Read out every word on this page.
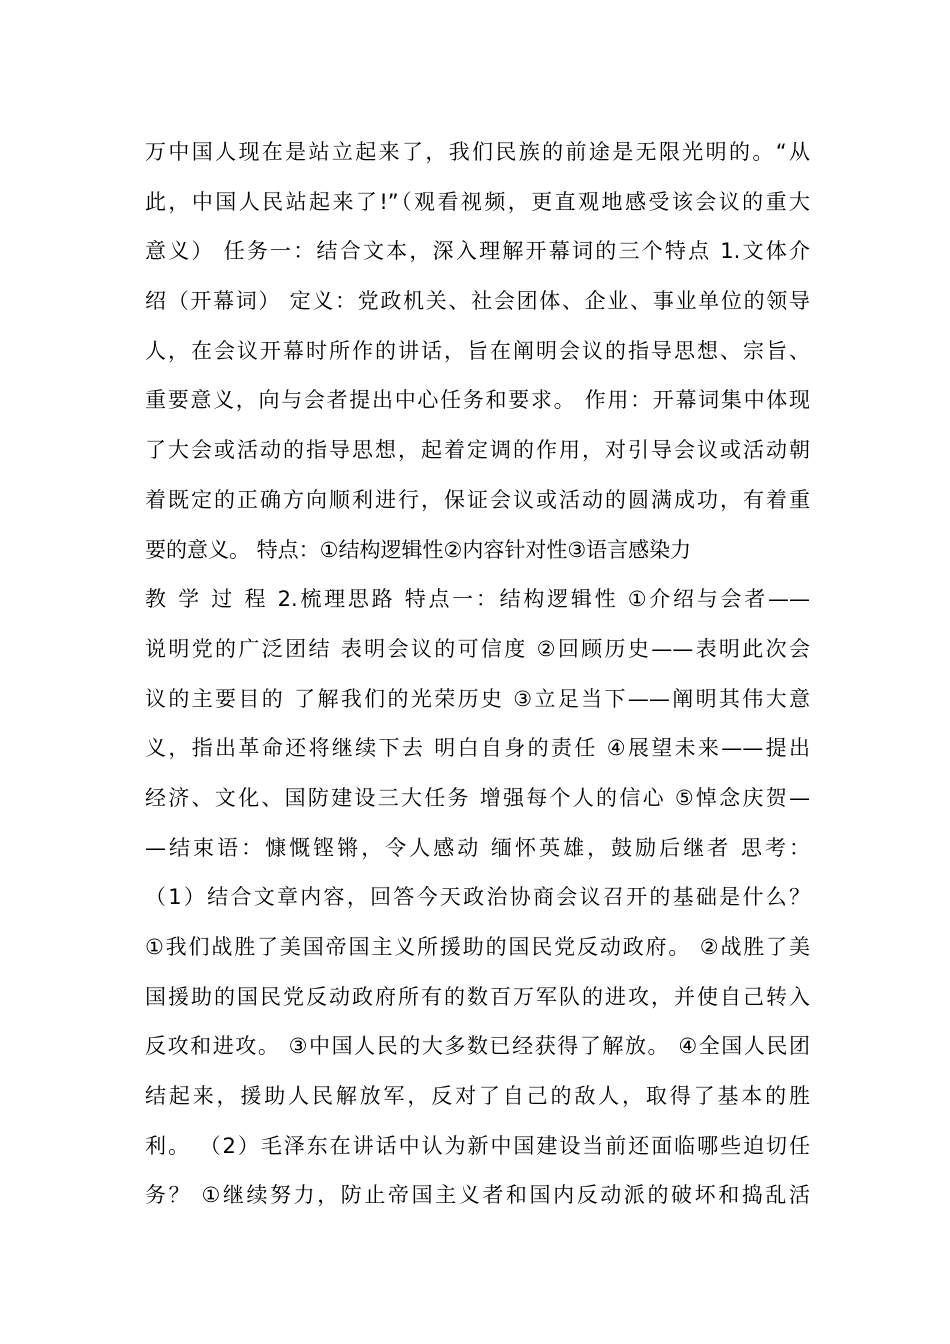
万中国人现在是站立起来了，我们民族的前途是无限光明的。“从
此，中国人民站起来了!”（观看视频，更直观地感受该会议的重大
意义） 任务一：结合文本，深入理解开幕词的三个特点 1.文体介
绍（开幕词） 定义：党政机关、社会团体、企业、事业单位的领导
人，在会议开幕时所作的讲话，旨在阐明会议的指导思想、宗旨、
重要意义，向与会者提出中心任务和要求。 作用：开幕词集中体现
了大会或活动的指导思想，起着定调的作用，对引导会议或活动朝
着既定的正确方向顺利进行，保证会议或活动的圆满成功，有着重
要的意义。 特点：①结构逻辑性②内容针对性③语言感染力
教 学 过 程 2.梳理思路 特点一：结构逻辑性 ①介绍与会者——
说明党的广泛团结 表明会议的可信度 ②回顾历史——表明此次会
议的主要目的 了解我们的光荣历史 ③立足当下——阐明其伟大意
义，指出革命还将继续下去 明白自身的责任 ④展望未来——提出
经济、文化、国防建设三大任务 增强每个人的信心 ⑤悼念庆贺—
—结束语：慷慨铿锵，令人感动 缅怀英雄，鼓励后继者 思考：
（1）结合文章内容，回答今天政治协商会议召开的基础是什么？
①我们战胜了美国帝国主义所援助的国民党反动政府。 ②战胜了美
国援助的国民党反动政府所有的数百万军队的进攻，并使自己转入
反攻和进攻。 ③中国人民的大多数已经获得了解放。 ④全国人民团
结起来，援助人民解放军，反对了自己的敌人，取得了基本的胜
利。 （2）毛泽东在讲话中认为新中国建设当前还面临哪些迫切任
务？ ①继续努力，防止帝国主义者和国内反动派的破坏和捣乱活
